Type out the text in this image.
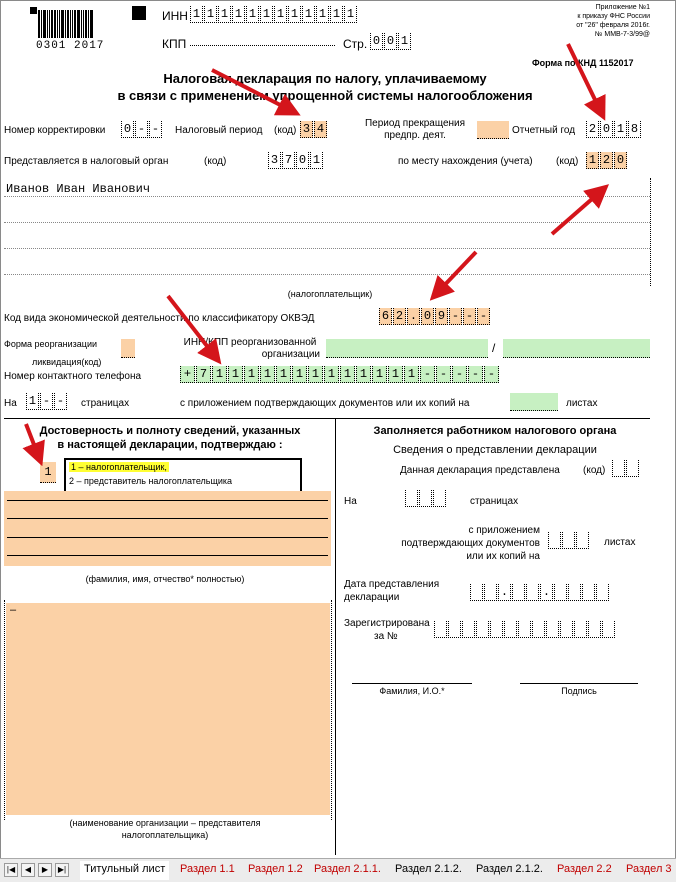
0301 2017
ИНН 1 1 1 1 1 1 1 1 1 1 1 1
КПП	Стр. 0 0 1
Приложение №1
к приказу ФНС России
от "26" февраля 2016г.
№ ММВ-7-3/99@
Форма по КНД 1152017
Налоговая декларация по налогу, уплачиваемому
в связи с применением упрощенной системы налогообложения
Номер корректировки 0 - - Налоговый период (код) 3 4	Период прекращения
предпр. деят.	Отчетный год 2 0 1 8
Представляется в налоговый орган	(код)	3 7 0 1	по месту нахождения (учета) (код) 1 2 0
Иванов Иван Иванович
(налогоплательщик)
Код вида экономической деятельности по классификатору ОКВЭД	6 2 . 0 9 - - -
Форма реорганизации
ликвидация(код)
ИНН/КПП реорганизованной
организации	/
Номер контактного телефона	+ 7 1 1 1 1 1 1 1 1 1 1 1 1 1 - - - - -
На 1 - - страницах	с приложением подтверждающих документов или их копий на	листах
Достоверность и полноту сведений, указанных
в настоящей декларации, подтверждаю :
1	1 – налогоплательщик,
2 – представитель налогоплательщика
(фамилия, имя, отчество* полностью)
–
(наименование организации – представителя
налогоплательщика)
Заполняется работником налогового органа
Сведения о представлении декларации
Данная декларация представлена (код)
На	страницах
с приложением
подтверждающих документов
или их копий на
листах
Дата представления
декларации	.	.
Зарегистрирована
за №
Фамилия, И.О.*	Подпись
|◀	◀	▶	▶|	Титульный лист	Раздел 1.1	Раздел 1.2	Раздел 2.1.1.	Раздел 2.1.2.	Раздел 2.1.2.	Раздел 2.2	Раздел 3
